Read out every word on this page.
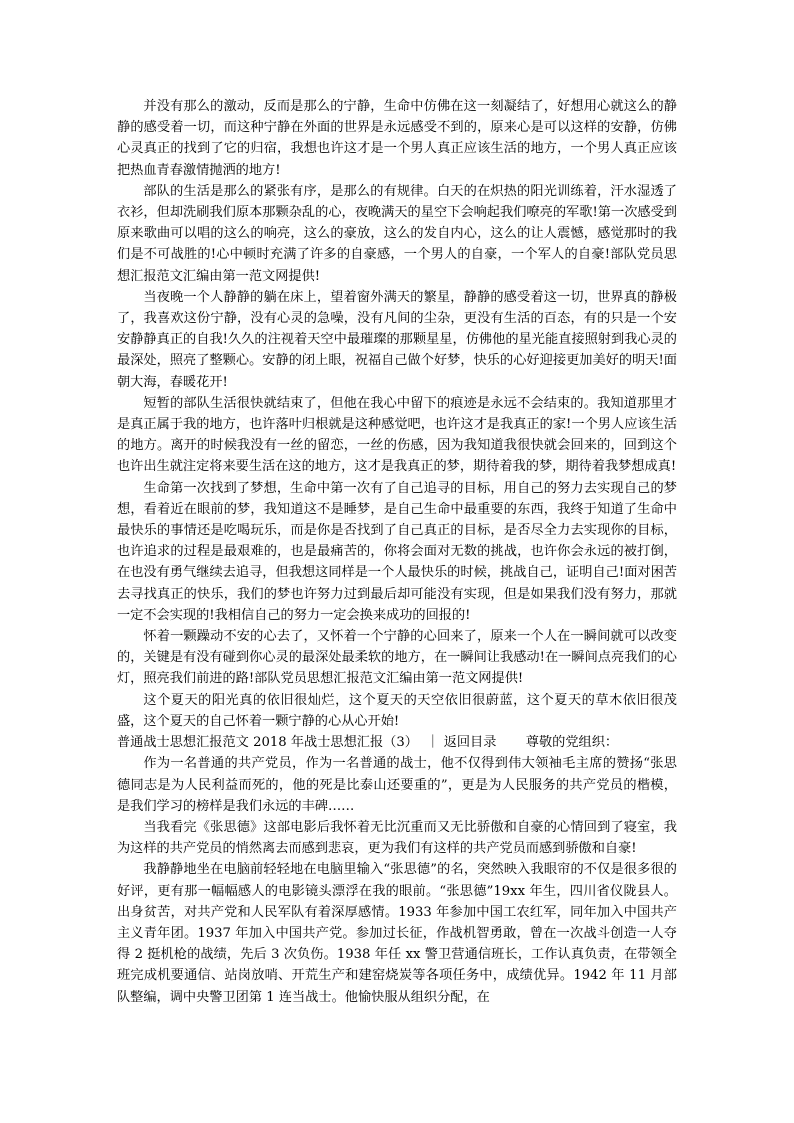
并没有那么的激动，反而是那么的宁静，生命中仿佛在这一刻凝结了，好想用心就这么的静静的感受着一切，而这种宁静在外面的世界是永远感受不到的，原来心是可以这样的安静，仿佛心灵真正的找到了它的归宿，我想也许这才是一个男人真正应该生活的地方，一个男人真正应该把热血青春激情抛洒的地方!

部队的生活是那么的紧张有序，是那么的有规律。白天的在炽热的阳光训练着，汗水湿透了衣衫，但却洗刷我们原本那颗杂乱的心，夜晚满天的星空下会响起我们嘹亮的军歌!第一次感受到原来歌曲可以唱的这么的响亮，这么的豪放，这么的发自内心，这么的让人震憾，感觉那时的我们是不可战胜的!心中顿时充满了许多的自豪感，一个男人的自豪，一个军人的自豪!部队党员思想汇报范文汇编由第一范文网提供!

当夜晚一个人静静的躺在床上，望着窗外满天的繁星，静静的感受着这一切，世界真的静极了，我喜欢这份宁静，没有心灵的急噪，没有凡间的尘杂，更没有生活的百态，有的只是一个安安静静真正的自我!久久的注视着天空中最璀璨的那颗星星，仿佛他的星光能直接照射到我心灵的最深处，照亮了整颗心。安静的闭上眼，祝福自己做个好梦，快乐的心好迎接更加美好的明天!面朝大海，春暖花开!

短暂的部队生活很快就结束了，但他在我心中留下的痕迹是永远不会结束的。我知道那里才是真正属于我的地方，也许落叶归根就是这种感觉吧，也许这才是我真正的家!一个男人应该生活的地方。离开的时候我没有一丝的留恋，一丝的伤感，因为我知道我很快就会回来的，回到这个也许出生就注定将来要生活在这的地方，这才是我真正的梦，期待着我的梦，期待着我梦想成真!

生命第一次找到了梦想，生命中第一次有了自己追寻的目标，用自己的努力去实现自己的梦想，看着近在眼前的梦，我知道这不是睡梦，是自己生命中最重要的东西，我终于知道了生命中最快乐的事情还是吃喝玩乐，而是你是否找到了自己真正的目标，是否尽全力去实现你的目标，也许追求的过程是最艰难的，也是最痛苦的，你将会面对无数的挑战，也许你会永远的被打倒，在也没有勇气继续去追寻，但我想这同样是一个人最快乐的时候，挑战自己，证明自己!面对困苦去寻找真正的快乐，我们的梦也许努力过到最后却可能没有实现，但是如果我们没有努力，那就一定不会实现的!我相信自己的努力一定会换来成功的回报的!

怀着一颗躁动不安的心去了，又怀着一个宁静的心回来了，原来一个人在一瞬间就可以改变的，关键是有没有碰到你心灵的最深处最柔软的地方，在一瞬间让我感动!在一瞬间点亮我们的心灯，照亮我们前进的路!部队党员思想汇报范文汇编由第一范文网提供!

这个夏天的阳光真的依旧很灿烂，这个夏天的天空依旧很蔚蓝，这个夏天的草木依旧很茂盛，这个夏天的自己怀着一颗宁静的心从心开始!

普通战士思想汇报范文 2018 年战士思想汇报（3） ｜ 返回目录 尊敬的党组织：

作为一名普通的共产党员，作为一名普通的战士，他不仅得到伟大领袖毛主席的赞扬“张思德同志是为人民利益而死的，他的死是比泰山还要重的”，更是为人民服务的共产党员的楷模，是我们学习的榜样是我们永远的丰碑……

当我看完《张思德》这部电影后我怀着无比沉重而又无比骄傲和自豪的心情回到了寝室，我为这样的共产党员的悄然离去而感到悲哀，更为我们有这样的共产党员而感到骄傲和自豪!

我静静地坐在电脑前轻轻地在电脑里输入“张思德”的名，突然映入我眼帘的不仅是很多很的好评，更有那一幅幅感人的电影镜头漂浮在我的眼前。“张思德”19xx 年生，四川省仪陇县人。出身贫苦，对共产党和人民军队有着深厚感情。1933 年参加中国工农红军，同年加入中国共产主义青年团。1937 年加入中国共产党。参加过长征，作战机智勇敢，曾在一次战斗创造一人夺得 2 挺机枪的战绩，先后 3 次负伤。1938 年任 xx 警卫营通信班长，工作认真负责，在带领全班完成机要通信、站岗放哨、开荒生产和建窑烧炭等各项任务中，成绩优异。1942 年 11 月部队整编，调中央警卫团第 1 连当战士。他愉快服从组织分配，在
